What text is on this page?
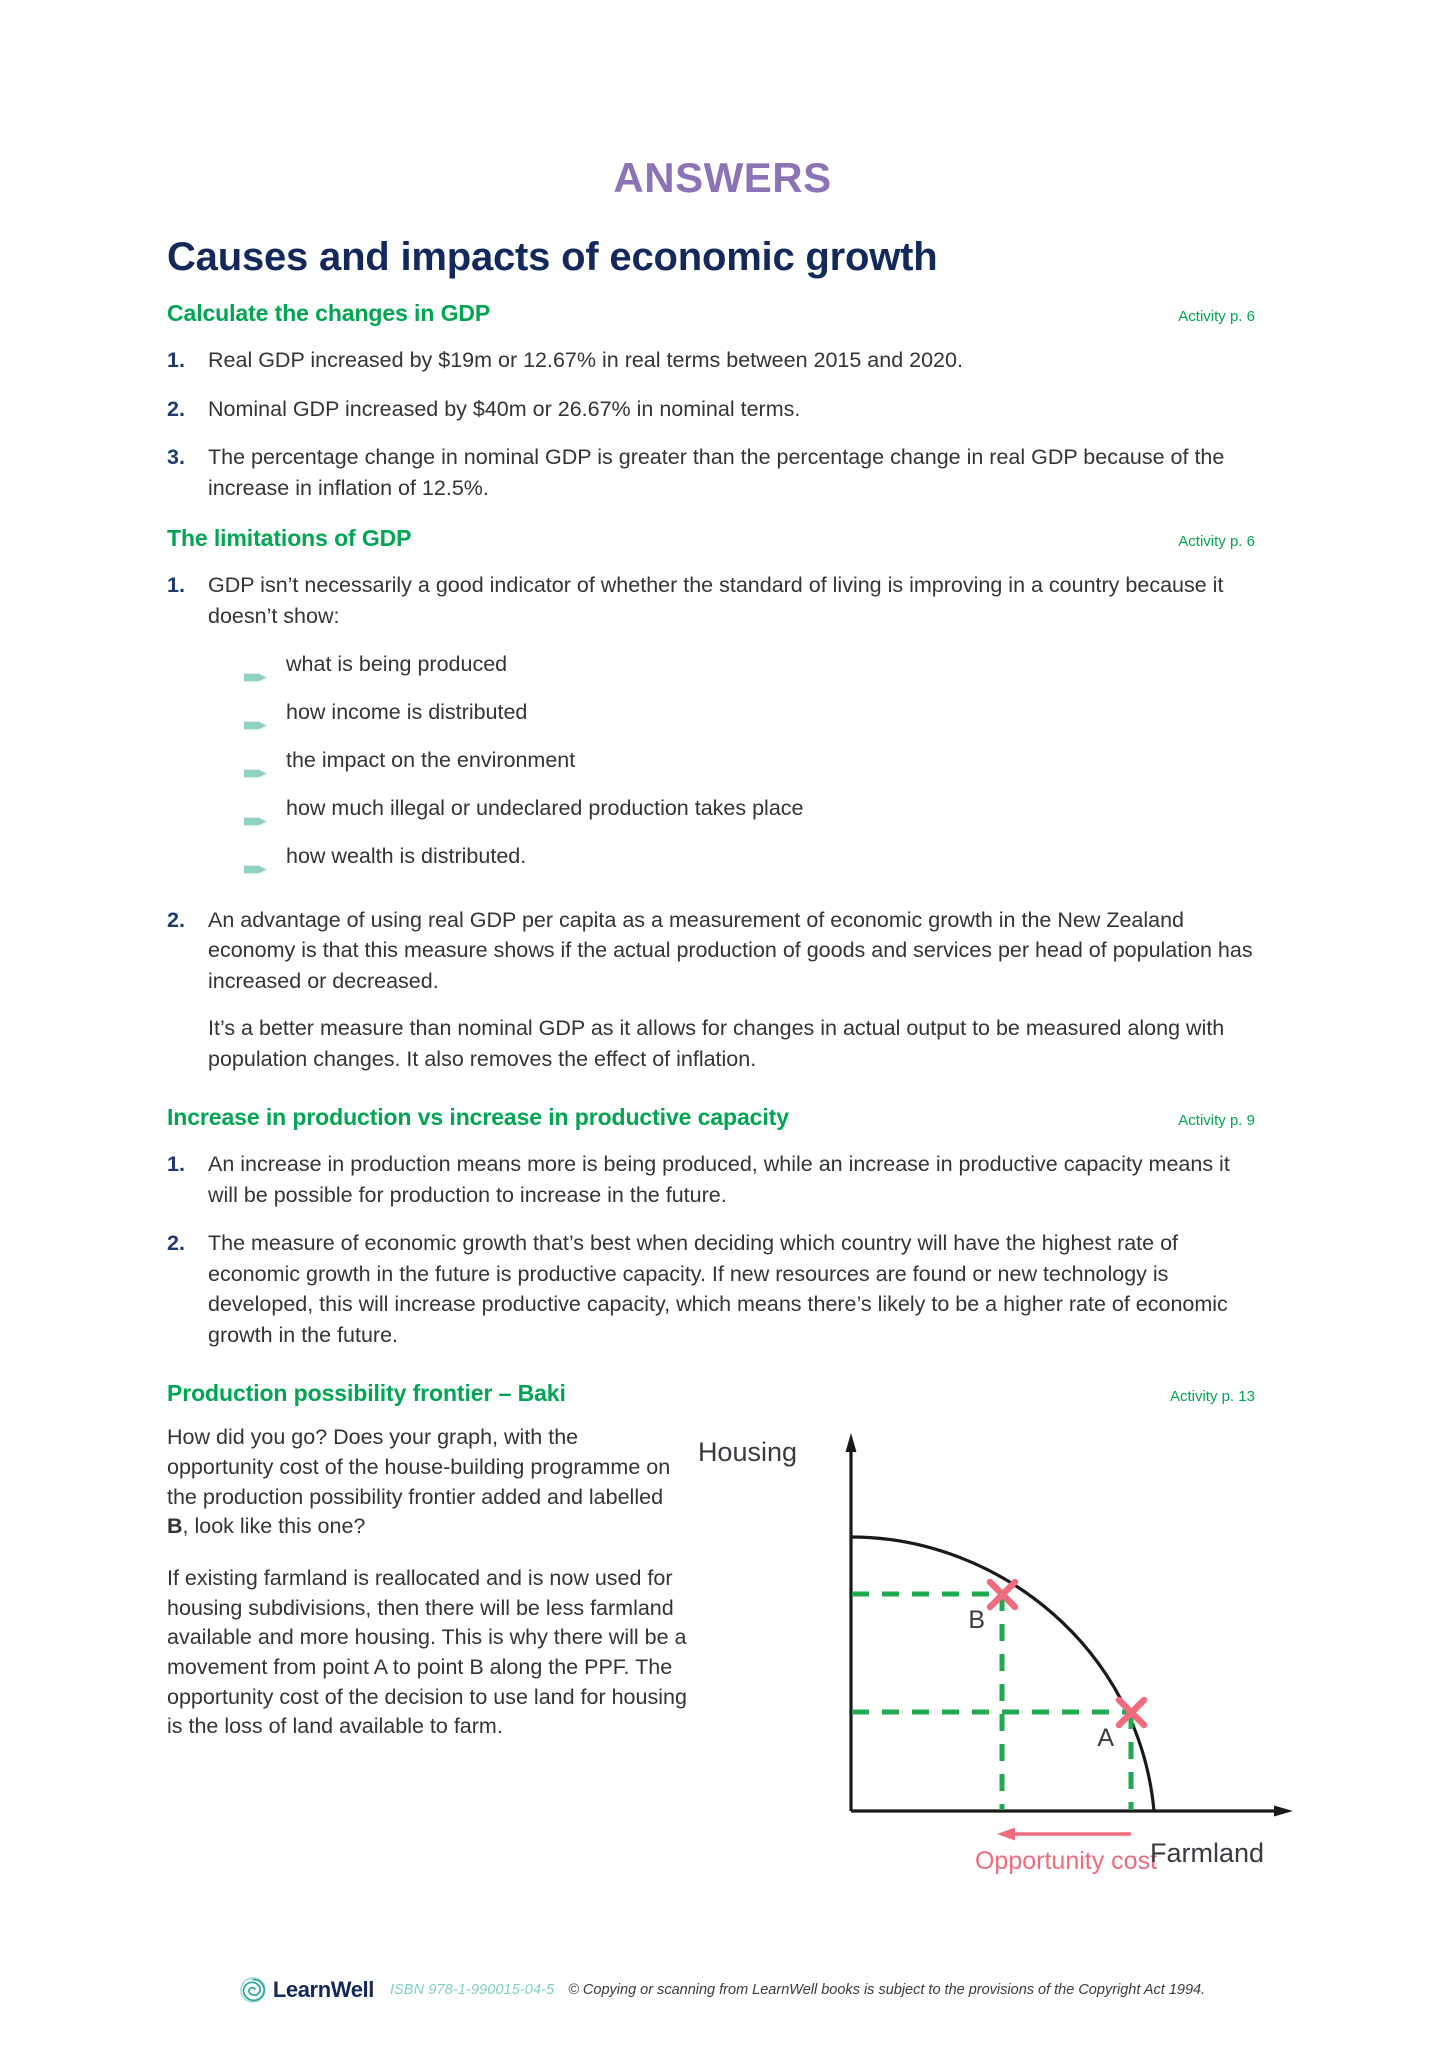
ANSWERS
Causes and impacts of economic growth
Calculate the changes in GDP	Activity p. 6
1. Real GDP increased by $19m or 12.67% in real terms between 2015 and 2020.

2. Nominal GDP increased by $40m or 26.67% in nominal terms.

3. The percentage change in nominal GDP is greater than the percentage change in real GDP because of the increase in inflation of 12.5%.

The limitations of GDP	Activity p. 6
1. GDP isn’t necessarily a good indicator of whether the standard of living is improving in a country because it doesn’t show:

what is being produced
how income is distributed
the impact on the environment
how much illegal or undeclared production takes place
how wealth is distributed.
2. An advantage of using real GDP per capita as a measurement of economic growth in the New Zealand economy is that this measure shows if the actual production of goods and services per head of population has increased or decreased.

It’s a better measure than nominal GDP as it allows for changes in actual output to be measured along with population changes. It also removes the effect of inflation.

Increase in production vs increase in productive capacity	Activity p. 9
1. An increase in production means more is being produced, while an increase in productive capacity means it will be possible for production to increase in the future.

2. The measure of economic growth that’s best when deciding which country will have the highest rate of economic growth in the future is productive capacity. If new resources are found or new technology is developed, this will increase productive capacity, which means there’s likely to be a higher rate of economic growth in the future.

Production possibility frontier – Baki	Activity p. 13

How did you go? Does your graph, with the opportunity cost of the house-building programme on the production possibility frontier added and labelled B, look like this one?

If existing farmland is reallocated and is now used for housing subdivisions, then there will be less farmland available and more housing. This is why there will be a movement from point A to point B along the PPF. The opportunity cost of the decision to use land for housing is the loss of land available to farm.

Housing
B
A
Opportunity cost
Farmland
LearnWell ISBN 978-1-990015-04-5 © Copying or scanning from LearnWell books is subject to the provisions of the Copyright Act 1994.
